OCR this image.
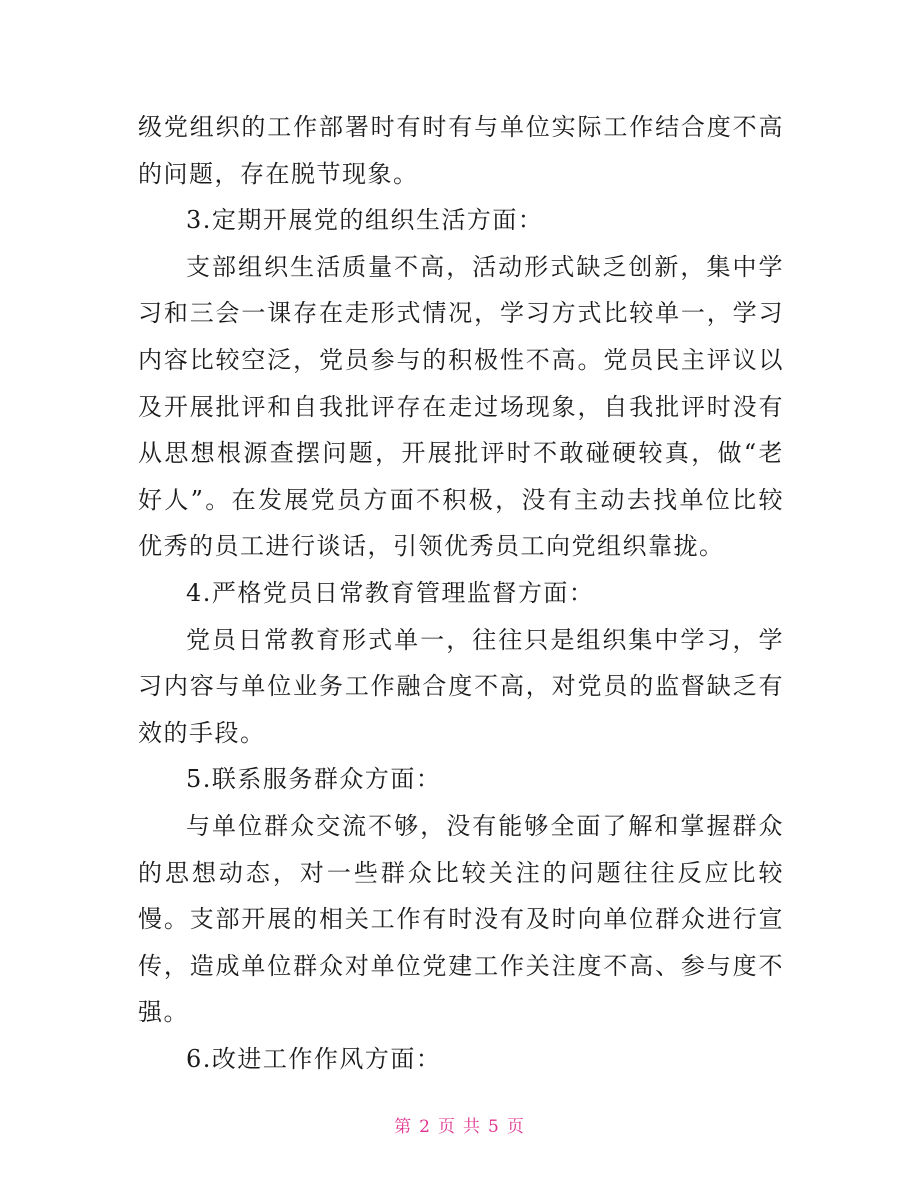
级党组织的工作部署时有时有与单位实际工作结合度不高的问题，存在脱节现象。

3.定期开展党的组织生活方面：

支部组织生活质量不高，活动形式缺乏创新，集中学习和三会一课存在走形式情况，学习方式比较单一，学习内容比较空泛，党员参与的积极性不高。党员民主评议以及开展批评和自我批评存在走过场现象，自我批评时没有从思想根源查摆问题，开展批评时不敢碰硬较真，做“老好人”。在发展党员方面不积极，没有主动去找单位比较优秀的员工进行谈话，引领优秀员工向党组织靠拢。

4.严格党员日常教育管理监督方面：

党员日常教育形式单一，往往只是组织集中学习，学习内容与单位业务工作融合度不高，对党员的监督缺乏有效的手段。

5.联系服务群众方面：

与单位群众交流不够，没有能够全面了解和掌握群众的思想动态，对一些群众比较关注的问题往往反应比较慢。支部开展的相关工作有时没有及时向单位群众进行宣传，造成单位群众对单位党建工作关注度不高、参与度不强。

6.改进工作作风方面：

第 2 页 共 5 页
